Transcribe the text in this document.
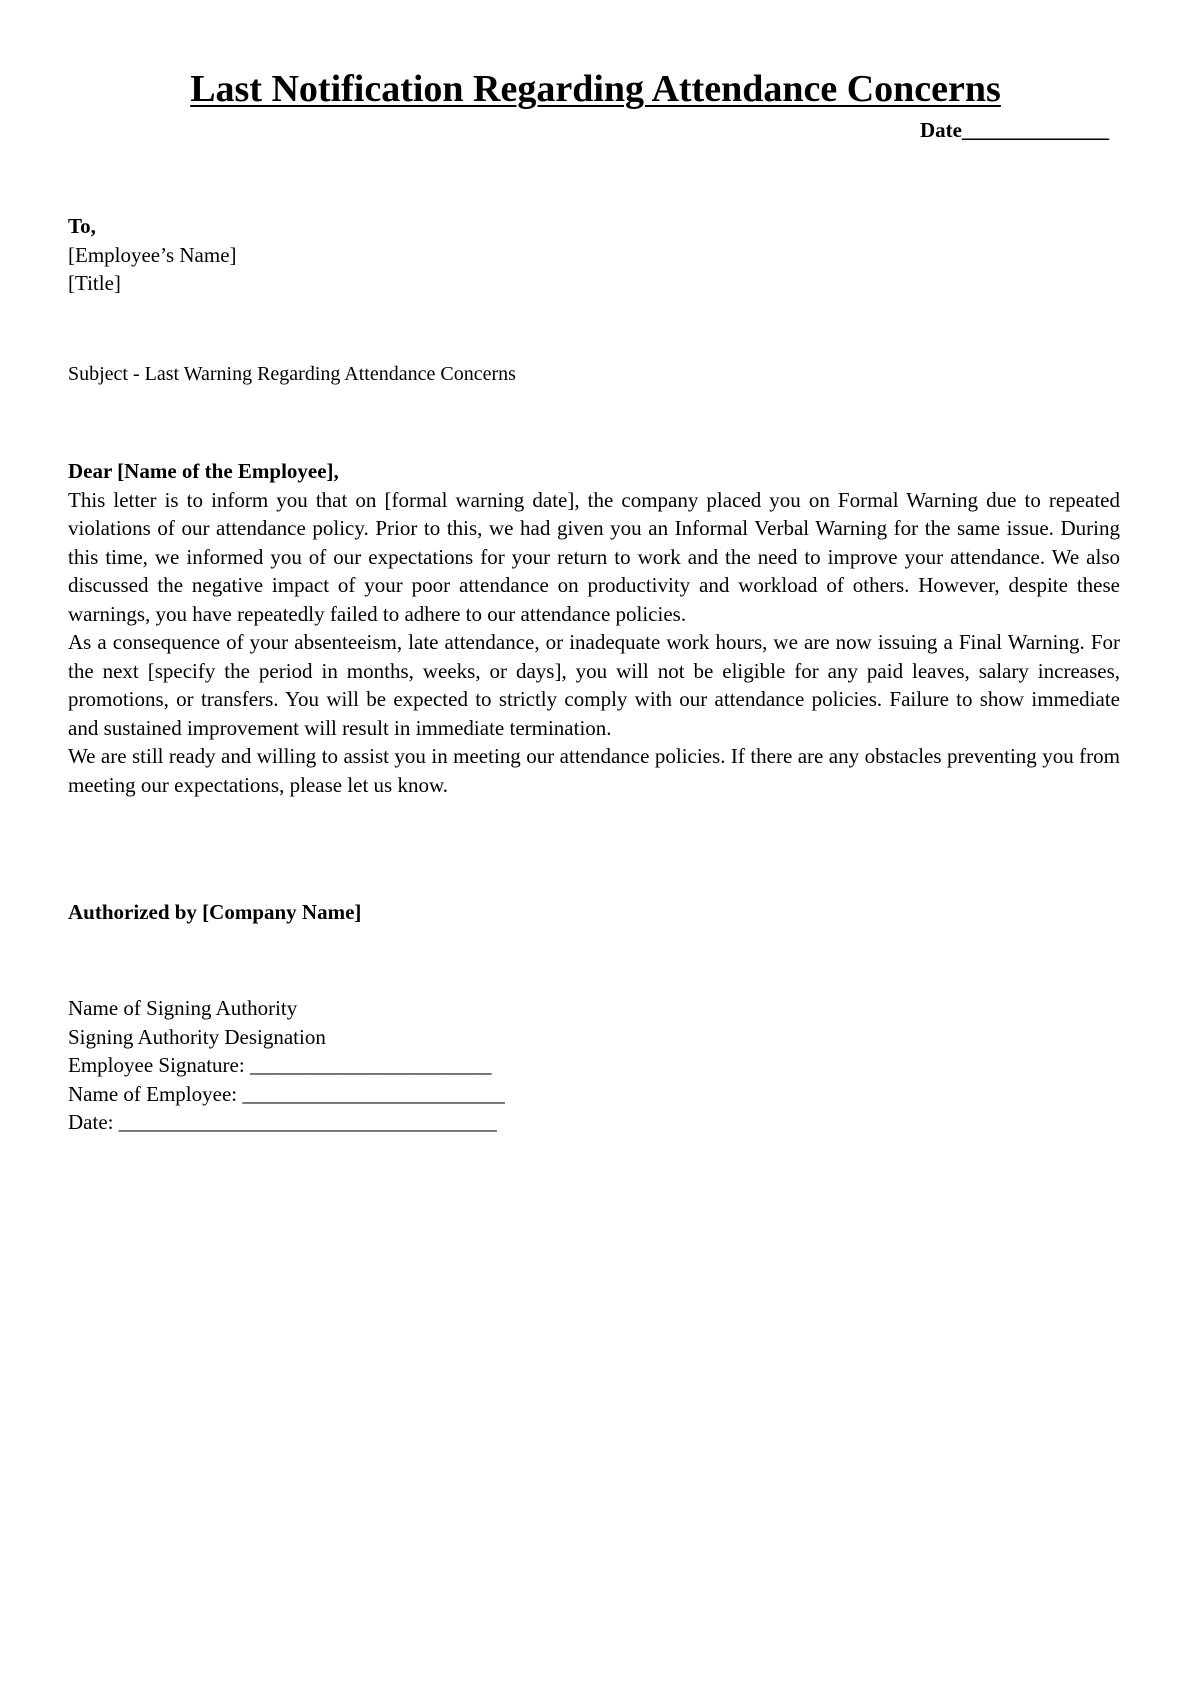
Last Notification Regarding Attendance Concerns
Date______________
To,
[Employee’s Name]
[Title]
Subject - Last Warning Regarding Attendance Concerns
Dear [Name of the Employee],

This letter is to inform you that on [formal warning date], the company placed you on Formal Warning due to repeated violations of our attendance policy. Prior to this, we had given you an Informal Verbal Warning for the same issue. During this time, we informed you of our expectations for your return to work and the need to improve your attendance. We also discussed the negative impact of your poor attendance on productivity and workload of others. However, despite these warnings, you have repeatedly failed to adhere to our attendance policies.

As a consequence of your absenteeism, late attendance, or inadequate work hours, we are now issuing a Final Warning. For the next [specify the period in months, weeks, or days], you will not be eligible for any paid leaves, salary increases, promotions, or transfers. You will be expected to strictly comply with our attendance policies. Failure to show immediate and sustained improvement will result in immediate termination.

We are still ready and willing to assist you in meeting our attendance policies. If there are any obstacles preventing you from meeting our expectations, please let us know.

Authorized by [Company Name]
Name of Signing Authority
Signing Authority Designation
Employee Signature: _______________________
Name of Employee: _________________________
Date: ____________________________________
